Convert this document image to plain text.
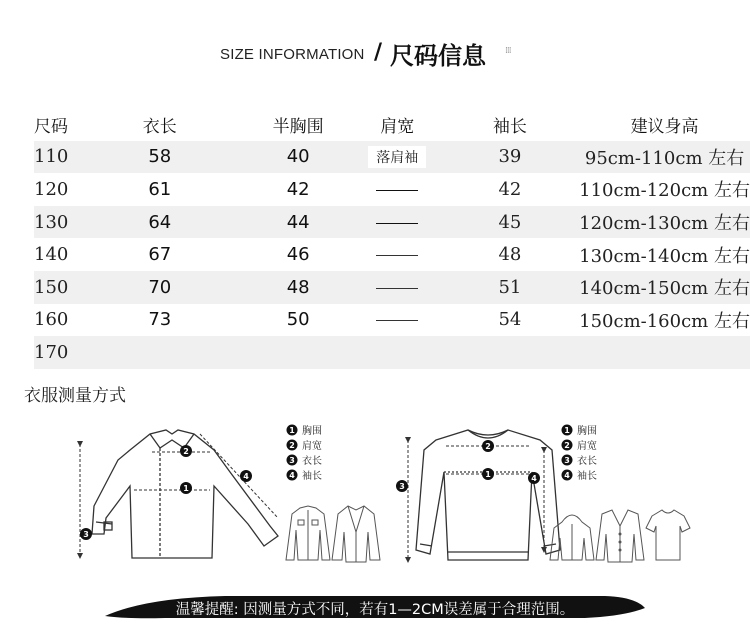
SIZE INFORMATION / 尺码信息 ⁞⁞⁞
尺码	衣长	半胸围	肩宽	袖长	建议身高
110	58	40	落肩袖	39	95cm-110cm 左右
120	61	42		42	110cm-120cm 左右
130	64	44		45	120cm-130cm 左右
140	67	46		48	130cm-140cm 左右
150	70	48		51	140cm-150cm 左右
160	73	50		54	150cm-160cm 左右
170					
衣服测量方式
2
1
4
3
1 胸围
2 肩宽
3 衣长
4 袖长
2
1
3
4
1 胸围
2 肩宽
3 衣长
4 袖长
温馨提醒: 因测量方式不同，若有1—2CM误差属于合理范围。
